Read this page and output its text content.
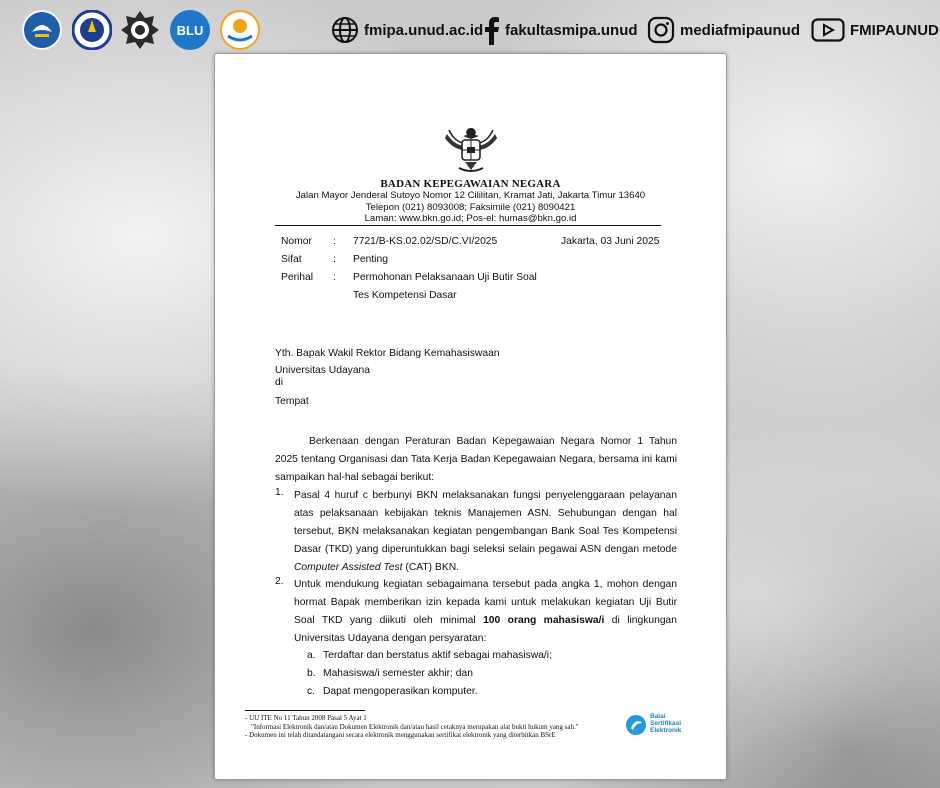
BLU	fmipa.unud.ac.id fakultasmipa.unud	mediafmipaunud	FMIPAUNUD
BADAN KEPEGAWAIAN NEGARA
Jalan Mayor Jenderal Sutoyo Nomor 12 Cililitan, Kramat Jati, Jakarta Timur 13640
Telepon (021) 8093008; Faksimile (021) 8090421
Laman: www.bkn.go.id; Pos-el: humas@bkn.go.id
Nomor : 7721/B-KS.02.02/SD/C.VI/2025	Jakarta, 03 Juni 2025
Sifat	: Penting
Perihal : Permohonan Pelaksanaan Uji Butir Soal
Tes Kompetensi Dasar
Yth. Bapak Wakil Rektor Bidang Kemahasiswaan
Universitas Udayana
di
Tempat
Berkenaan dengan Peraturan Badan Kepegawaian Negara Nomor 1 Tahun 2025 tentang Organisasi dan Tata Kerja Badan Kepegawaian Negara, bersama ini kami sampaikan hal-hal sebagai berikut:
1. Pasal 4 huruf c berbunyi BKN melaksanakan fungsi penyelenggaraan pelayanan atas pelaksanaan kebijakan teknis Manajemen ASN. Sehubungan dengan hal tersebut, BKN melaksanakan kegiatan pengembangan Bank Soal Tes Kompetensi Dasar (TKD) yang diperuntukkan bagi seleksi selain pegawai ASN dengan metode Computer Assisted Test (CAT) BKN.
2. Untuk mendukung kegiatan sebagaimana tersebut pada angka 1, mohon dengan hormat Bapak memberikan izin kepada kami untuk melakukan kegiatan Uji Butir Soal TKD yang diikuti oleh minimal 100 orang mahasiswa/i di lingkungan Universitas Udayana dengan persyaratan:
a. Terdaftar dan berstatus aktif sebagai mahasiswa/i;
b. Mahasiswa/i semester akhir; dan
c. Dapat mengoperasikan komputer.
- UU ITE No 11 Tahun 2008 Pasal 5 Ayat 1
"Informasi Elektronik dan/atau Dokumen Elektronik dan/atau hasil cetaknya merupakan alat bukti hukum yang sah."
- Dokumen ini telah ditandatangani secara elektronik menggunakan sertifikat elektronik yang diterbitkan BSrE
Balai
Sertifikasi
Elektronik
